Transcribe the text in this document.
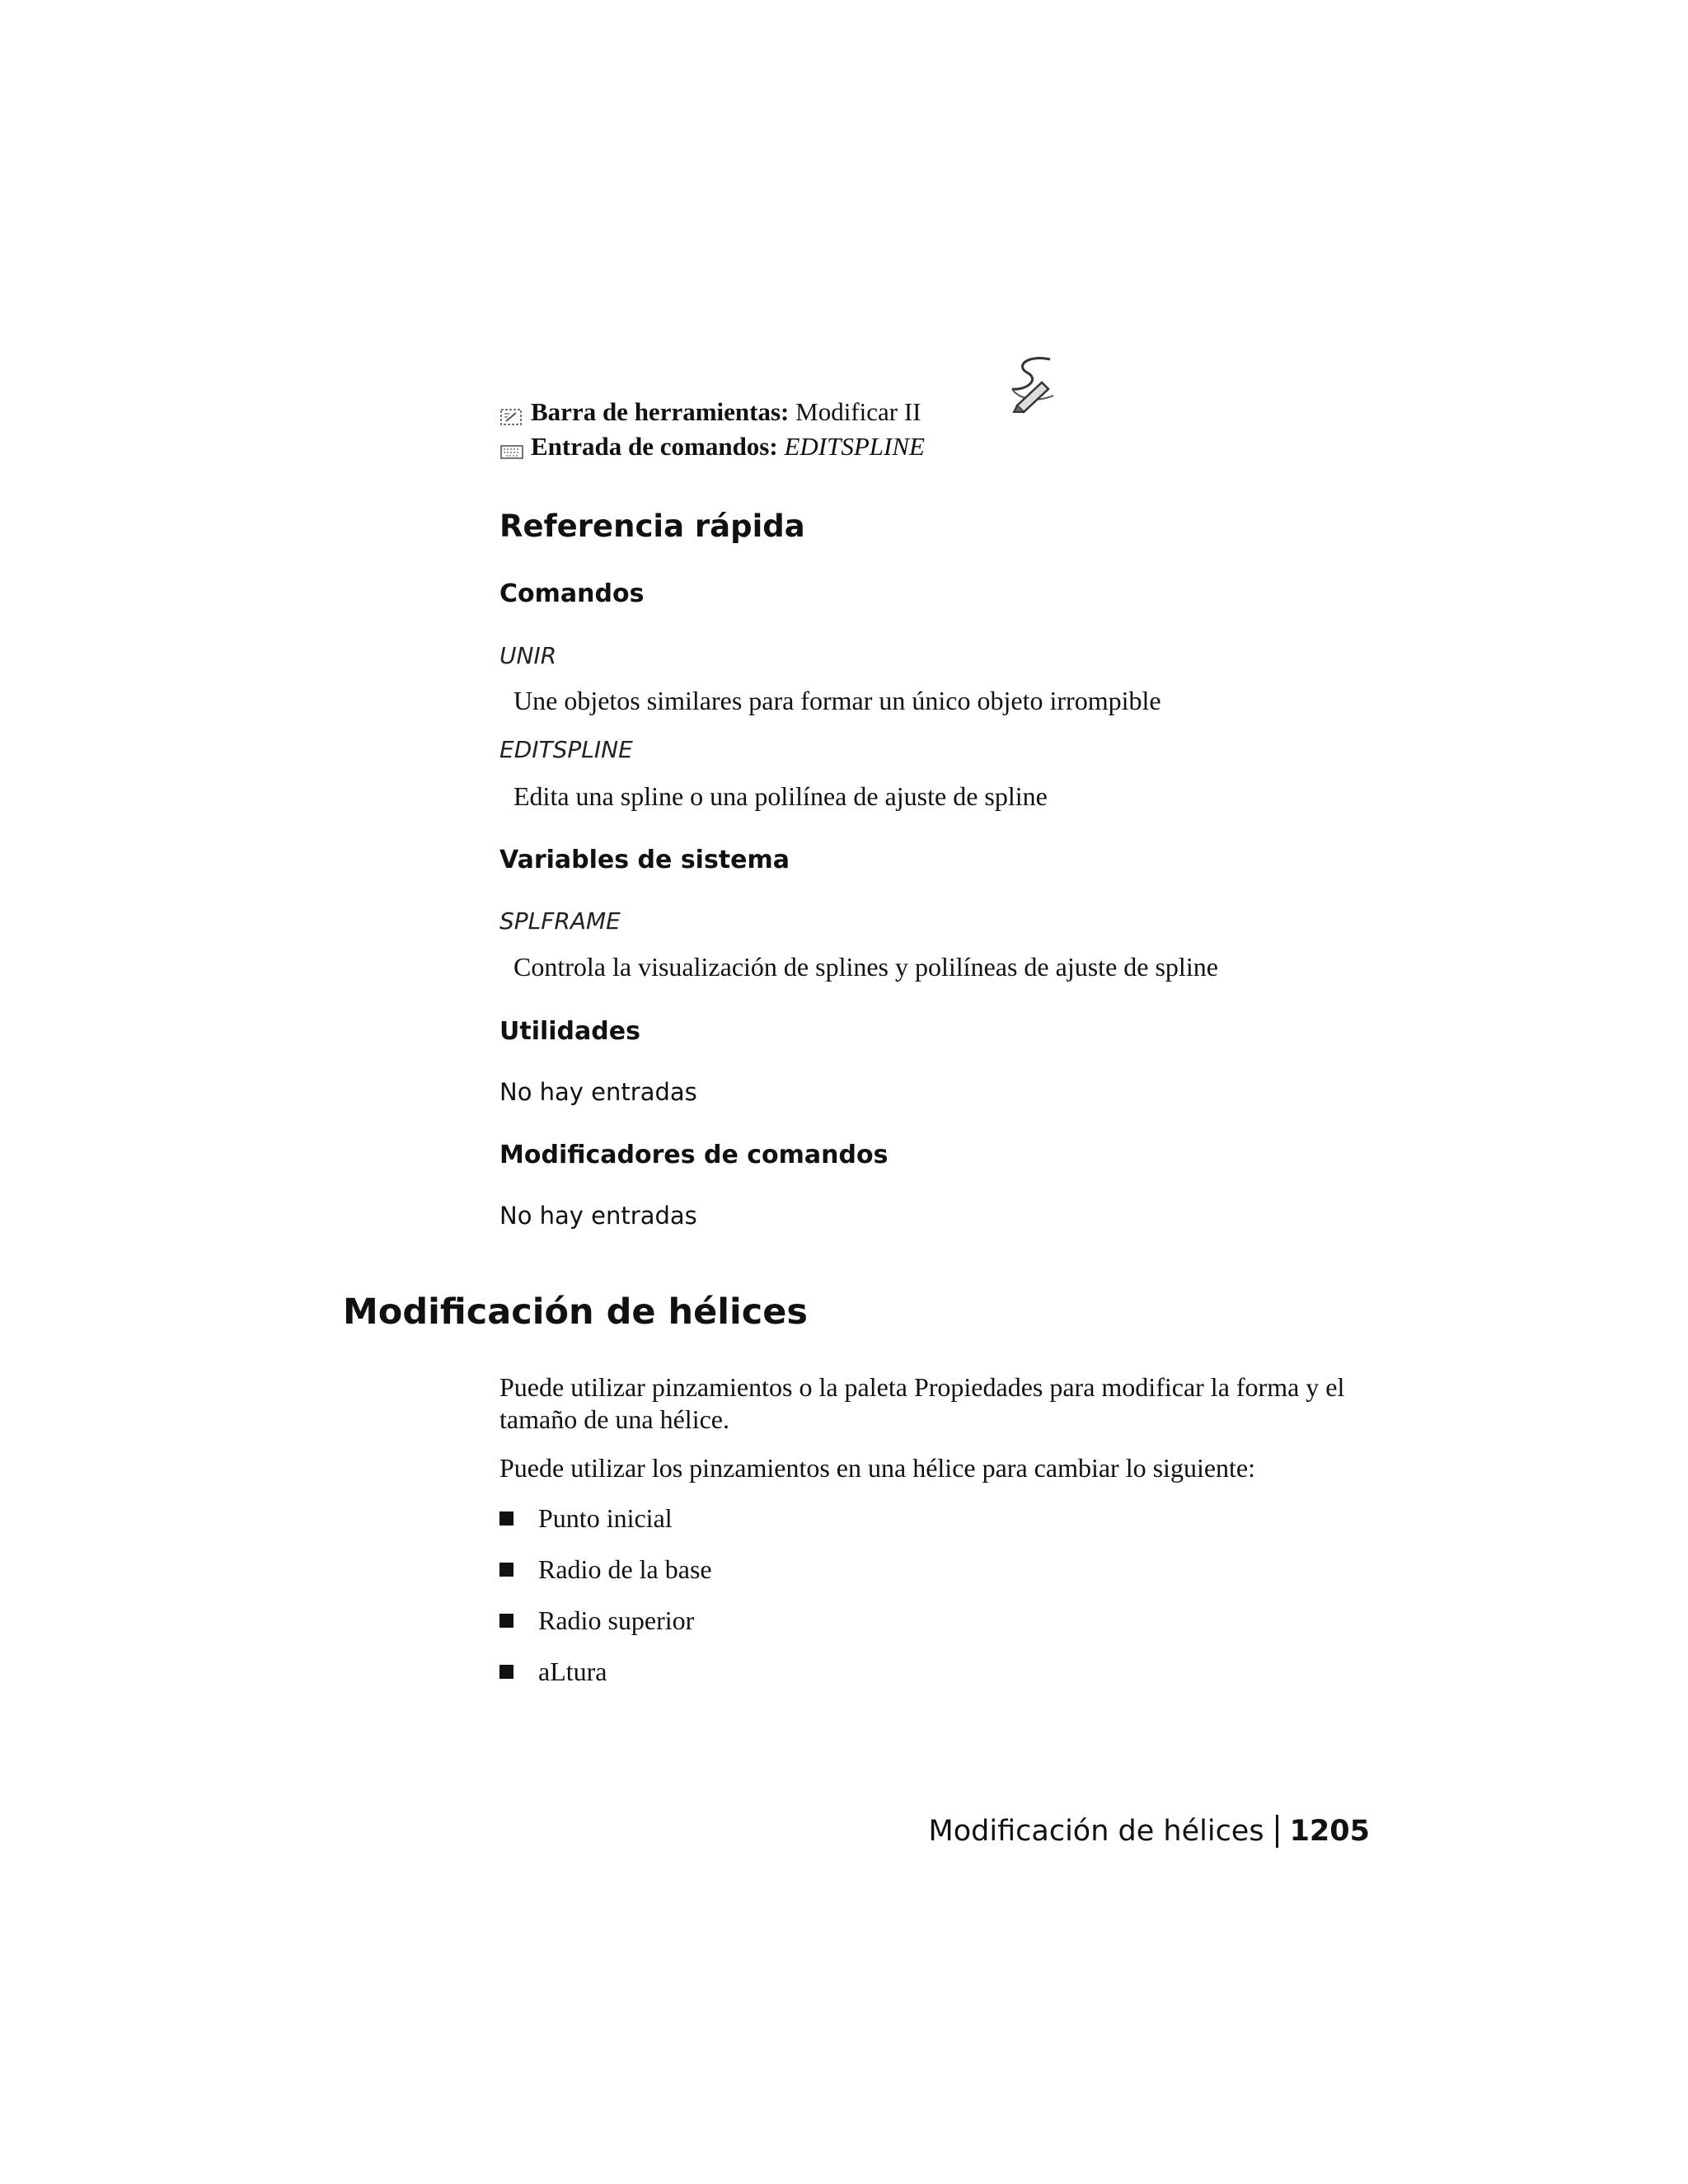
Barra de herramientas:
Modificar II
Entrada de comandos:
EDITSPLINE
Referencia rápida
Comandos
UNIR
Une objetos similares para formar un único objeto irrompible
EDITSPLINE
Edita una spline o una polilínea de ajuste de spline
Variables de sistema
SPLFRAME
Controla la visualización de splines y polilíneas de ajuste de spline
Utilidades
No hay entradas
Modificadores de comandos
No hay entradas
Modificación de hélices
Puede utilizar pinzamientos o la paleta Propiedades para modificar la forma y el tamaño de una hélice.
Puede utilizar los pinzamientos en una hélice para cambiar lo siguiente:
Punto inicial
Radio de la base
Radio superior
aLtura
Modificación de hélices 1205
